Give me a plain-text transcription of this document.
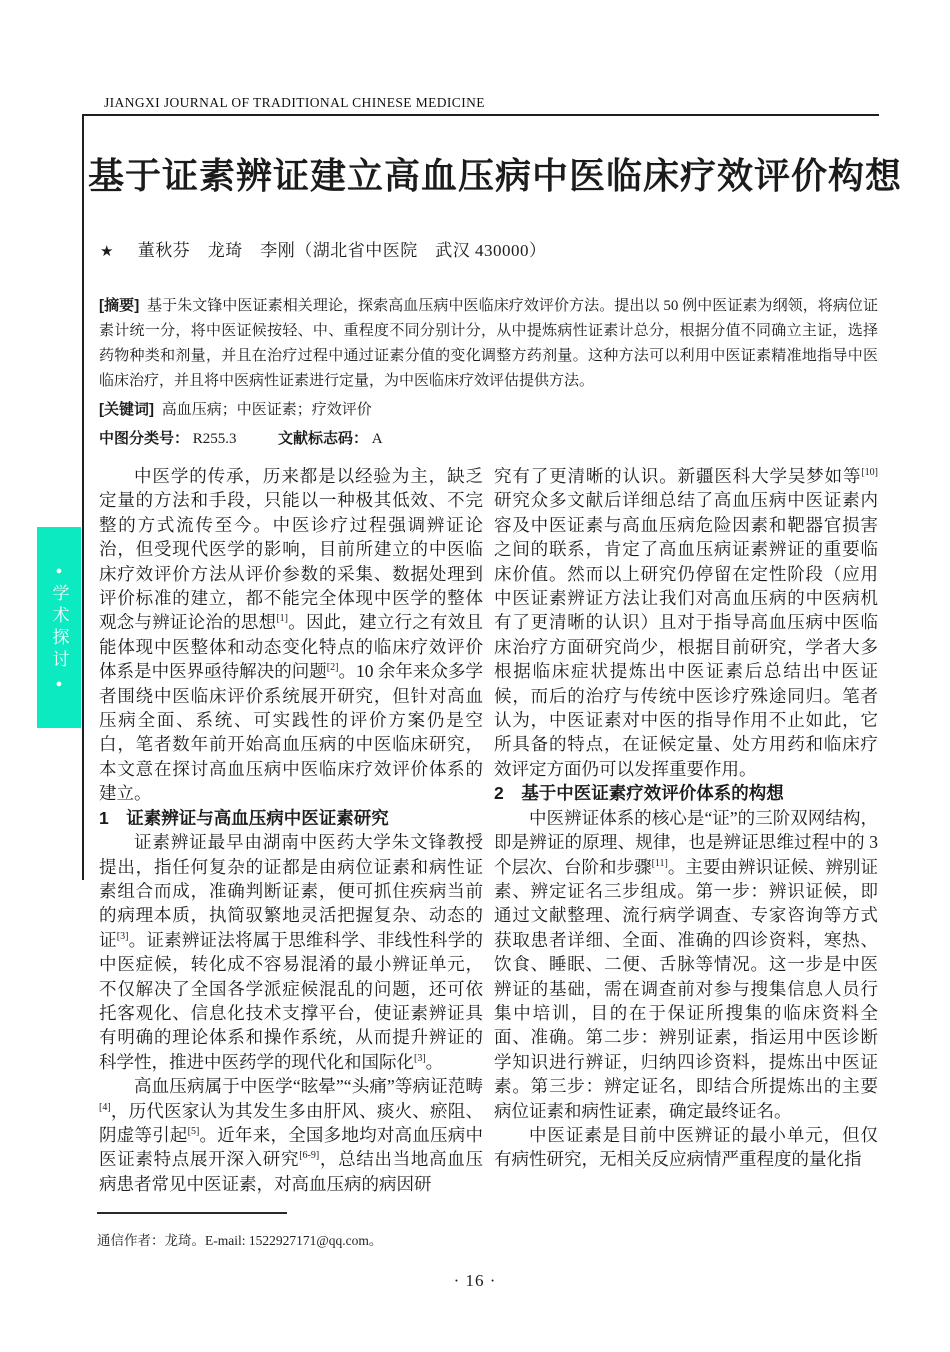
JIANGXI JOURNAL OF TRADITIONAL CHINESE MEDICINE
基于证素辨证建立高血压病中医临床疗效评价构想
★ 董秋芬　龙琦　李刚（湖北省中医院　武汉 430000）

[摘要] 基于朱文锋中医证素相关理论，探索高血压病中医临床疗效评价方法。提出以 50 例中医证素为纲领，将病位证素计统一分，将中医证候按轻、中、重程度不同分别计分，从中提炼病性证素计总分，根据分值不同确立主证，选择药物种类和剂量，并且在治疗过程中通过证素分值的变化调整方药剂量。这种方法可以利用中医证素精准地指导中医临床治疗，并且将中医病性证素进行定量，为中医临床疗效评估提供方法。

[关键词] 高血压病；中医证素；疗效评价
中图分类号： R255.3	文献标志码： A
●
学术探讨
●

中医学的传承，历来都是以经验为主，缺乏定量的方法和手段，只能以一种极其低效、不完整的方式流传至今。中医诊疗过程强调辨证论治，但受现代医学的影响，目前所建立的中医临床疗效评价方法从评价参数的采集、数据处理到评价标准的建立，都不能完全体现中医学的整体观念与辨证论治的思想[1]。因此，建立行之有效且能体现中医整体和动态变化特点的临床疗效评价体系是中医界亟待解决的问题[2]。10 余年来众多学者围绕中医临床评价系统展开研究，但针对高血压病全面、系统、可实践性的评价方案仍是空白，笔者数年前开始高血压病的中医临床研究，本文意在探讨高血压病中医临床疗效评价体系的建立。

1　证素辨证与高血压病中医证素研究

证素辨证最早由湖南中医药大学朱文锋教授提出，指任何复杂的证都是由病位证素和病性证素组合而成，准确判断证素，便可抓住疾病当前的病理本质，执简驭繁地灵活把握复杂、动态的证[3]。证素辨证法将属于思维科学、非线性科学的中医症候，转化成不容易混淆的最小辨证单元，不仅解决了全国各学派症候混乱的问题，还可依托客观化、信息化技术支撑平台，使证素辨证具有明确的理论体系和操作系统，从而提升辨证的科学性，推进中医药学的现代化和国际化[3]。

高血压病属于中医学“眩晕”“头痛”等病证范畴[4]，历代医家认为其发生多由肝风、痰火、瘀阻、阴虚等引起[5]。近年来，全国多地均对高血压病中医证素特点展开深入研究[6-9]，总结出当地高血压病患者常见中医证素，对高血压病的病因研

究有了更清晰的认识。新疆医科大学吴梦如等[10]研究众多文献后详细总结了高血压病中医证素内容及中医证素与高血压病危险因素和靶器官损害之间的联系，肯定了高血压病证素辨证的重要临床价值。然而以上研究仍停留在定性阶段（应用中医证素辨证方法让我们对高血压病的中医病机有了更清晰的认识）且对于指导高血压病中医临床治疗方面研究尚少，根据目前研究，学者大多根据临床症状提炼出中医证素后总结出中医证候，而后的治疗与传统中医诊疗殊途同归。笔者认为，中医证素对中医的指导作用不止如此，它所具备的特点，在证候定量、处方用药和临床疗效评定方面仍可以发挥重要作用。

2　基于中医证素疗效评价体系的构想

中医辨证体系的核心是“证”的三阶双网结构，即是辨证的原理、规律，也是辨证思维过程中的 3 个层次、台阶和步骤[11]。主要由辨识证候、辨别证素、辨定证名三步组成。第一步：辨识证候，即通过文献整理、流行病学调查、专家咨询等方式获取患者详细、全面、准确的四诊资料，寒热、饮食、睡眠、二便、舌脉等情况。这一步是中医辨证的基础，需在调查前对参与搜集信息人员行集中培训，目的在于保证所搜集的临床资料全面、准确。第二步：辨别证素，指运用中医诊断学知识进行辨证，归纳四诊资料，提炼出中医证素。第三步：辨定证名，即结合所提炼出的主要病位证素和病性证素，确定最终证名。

中医证素是目前中医辨证的最小单元，但仅有病性研究，无相关反应病情严重程度的量化指

通信作者：龙琦。E-mail: 1522927171@qq.com。
· 16 ·
